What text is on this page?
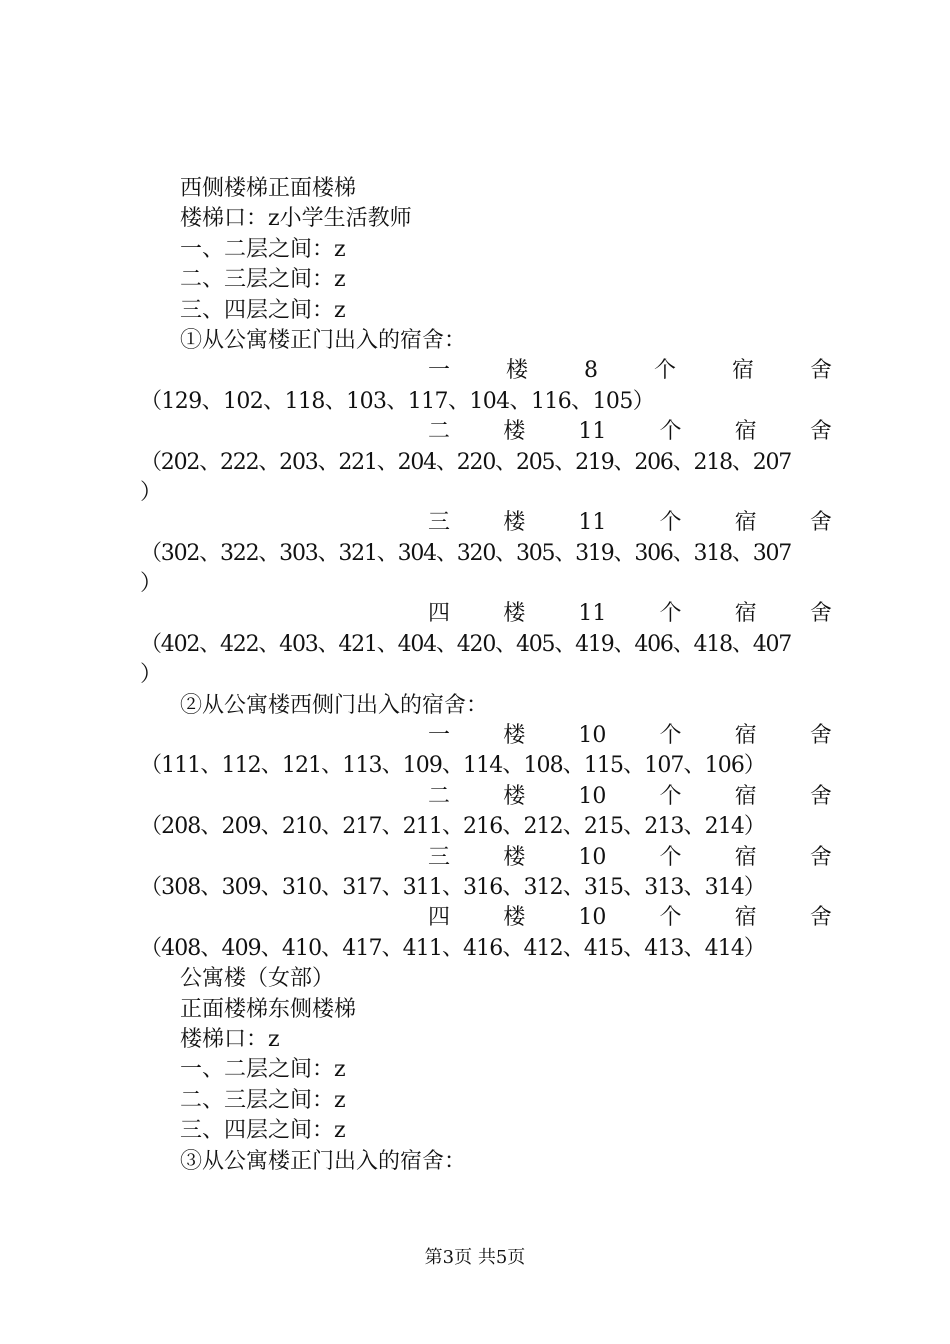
西侧楼梯正面楼梯
楼梯口：z小学生活教师
一、二层之间：z
二、三层之间：z
三、四层之间：z
①从公寓楼正门出入的宿舍：
一	楼	8	个	宿	舍
（129、102、118、103、117、104、116、105）
二 楼 11 个 宿 舍
（202、222、203、221、204、220、205、219、206、218、207
）
三 楼 11 个 宿 舍
（302、322、303、321、304、320、305、319、306、318、307
）
四 楼 11 个 宿 舍
（402、422、403、421、404、420、405、419、406、418、407
）
②从公寓楼西侧门出入的宿舍：
一 楼 10 个 宿 舍
（111、112、121、113、109、114、108、115、107、106）
二 楼 10 个 宿 舍
（208、209、210、217、211、216、212、215、213、214）
三 楼 10 个 宿 舍
（308、309、310、317、311、316、312、315、313、314）
四 楼 10 个 宿 舍
（408、409、410、417、411、416、412、415、413、414）
公寓楼（女部）
正面楼梯东侧楼梯
楼梯口：z
一、二层之间：z
二、三层之间：z
三、四层之间：z
③从公寓楼正门出入的宿舍：
第3页 共5页
